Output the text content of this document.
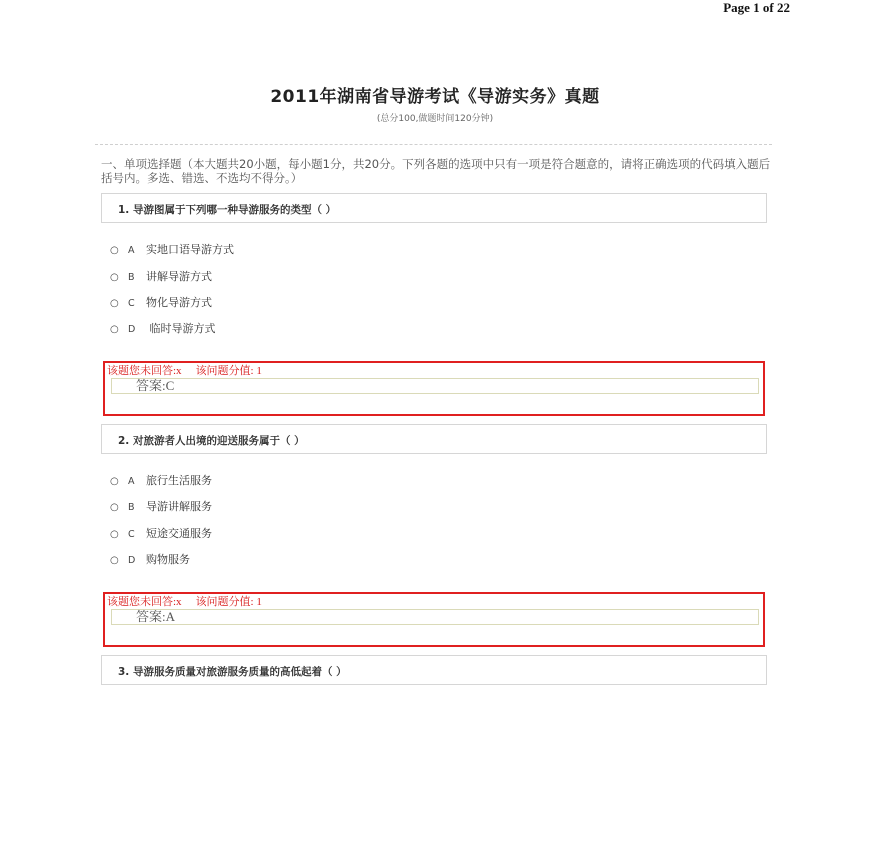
Page 1 of 22
2011年湖南省导游考试《导游实务》真题
(总分100,做题时间120分钟)
一、单项选择题（本大题共20小题，每小题1分，共20分。下列各题的选项中只有一项是符合题意的，请将正确选项的代码填入题后括号内。多选、错选、不选均不得分。）
1. 导游图属于下列哪一种导游服务的类型（ ）
○ A 实地口语导游方式
○ B 讲解导游方式
○ C 物化导游方式
○ D 临时导游方式
该题您未回答:x 该问题分值: 1
答案:C
2. 对旅游者人出境的迎送服务属于（ ）
○ A 旅行生活服务
○ B 导游讲解服务
○ C 短途交通服务
○ D 购物服务
该题您未回答:x 该问题分值: 1
答案:A
3. 导游服务质量对旅游服务质量的高低起着（ ）
